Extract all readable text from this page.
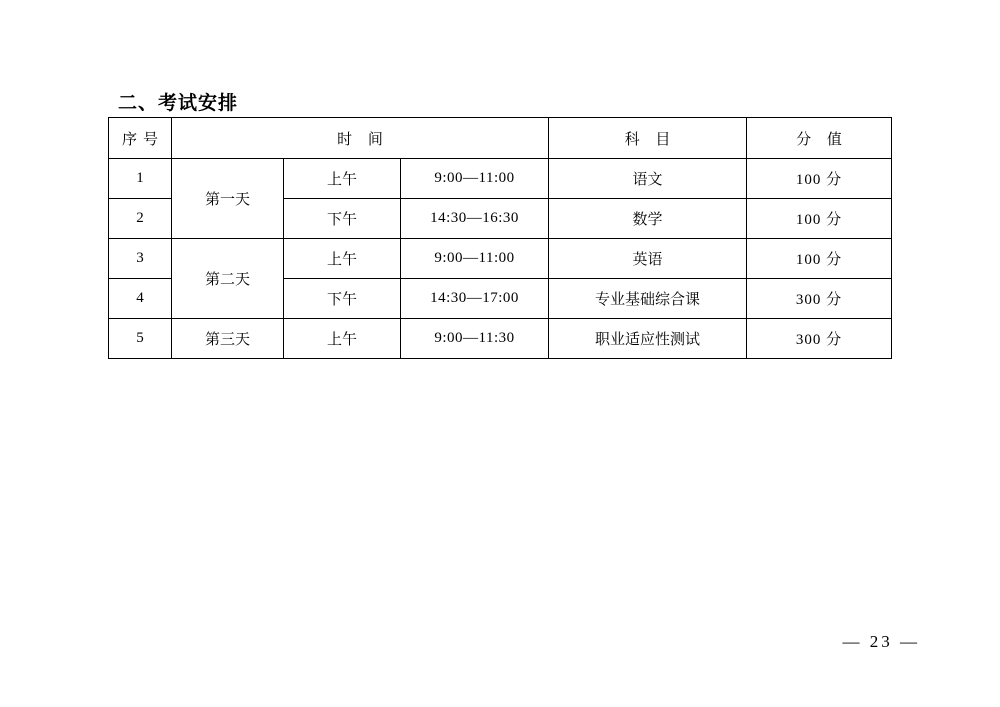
二、考试安排
序号	时 间			科 目	分 值
1	第一天	上午	9:00—11:00	语文	100 分
2		下午	14:30—16:30	数学	100 分
3	第二天	上午	9:00—11:00	英语	100 分
4		下午	14:30—17:00	专业基础综合课	300 分
5	第三天	上午	9:00—11:30	职业适应性测试	300 分
— 23 —
